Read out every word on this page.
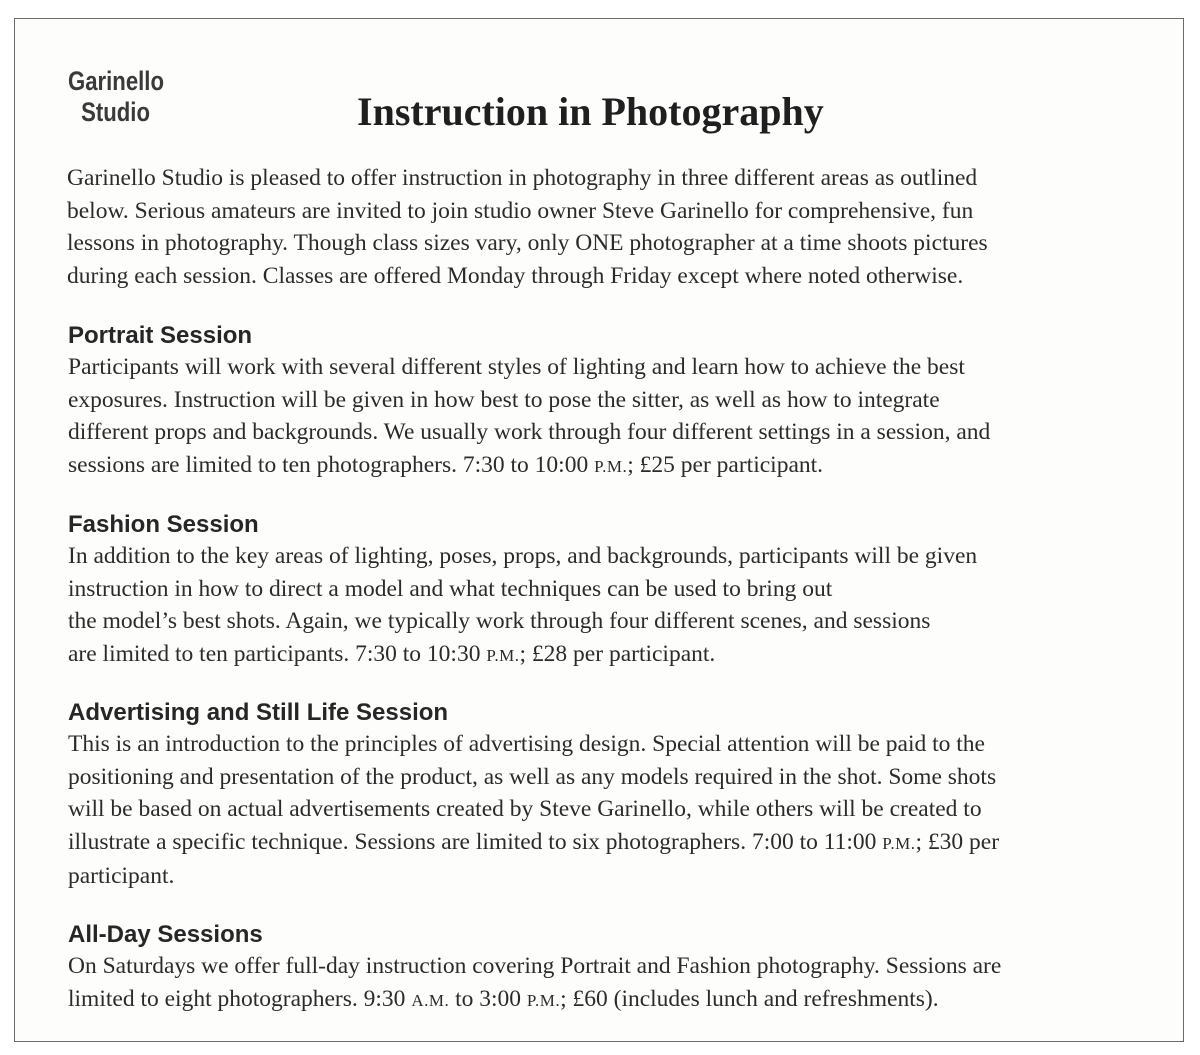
Garinello
Studio	Instruction in Photography
Garinello Studio is pleased to offer instruction in photography in three different areas as outlined
below. Serious amateurs are invited to join studio owner Steve Garinello for comprehensive, fun
lessons in photography. Though class sizes vary, only ONE photographer at a time shoots pictures
during each session. Classes are offered Monday through Friday except where noted otherwise.
Portrait Session

Participants will work with several different styles of lighting and learn how to achieve the best
exposures. Instruction will be given in how best to pose the sitter, as well as how to integrate
different props and backgrounds. We usually work through four different settings in a session, and
sessions are limited to ten photographers. 7:30 to 10:00 P.M.; £25 per participant.

Fashion Session

In addition to the key areas of lighting, poses, props, and backgrounds, participants will be given
instruction in how to direct a model and what techniques can be used to bring out
the model’s best shots. Again, we typically work through four different scenes, and sessions
are limited to ten participants. 7:30 to 10:30 P.M.; £28 per participant.

Advertising and Still Life Session

This is an introduction to the principles of advertising design. Special attention will be paid to the
positioning and presentation of the product, as well as any models required in the shot. Some shots
will be based on actual advertisements created by Steve Garinello, while others will be created to
illustrate a specific technique. Sessions are limited to six photographers. 7:00 to 11:00 P.M.; £30 per
participant.

All-Day Sessions

On Saturdays we offer full-day instruction covering Portrait and Fashion photography. Sessions are
limited to eight photographers. 9:30 A.M. to 3:00 P.M.; £60 (includes lunch and refreshments).
